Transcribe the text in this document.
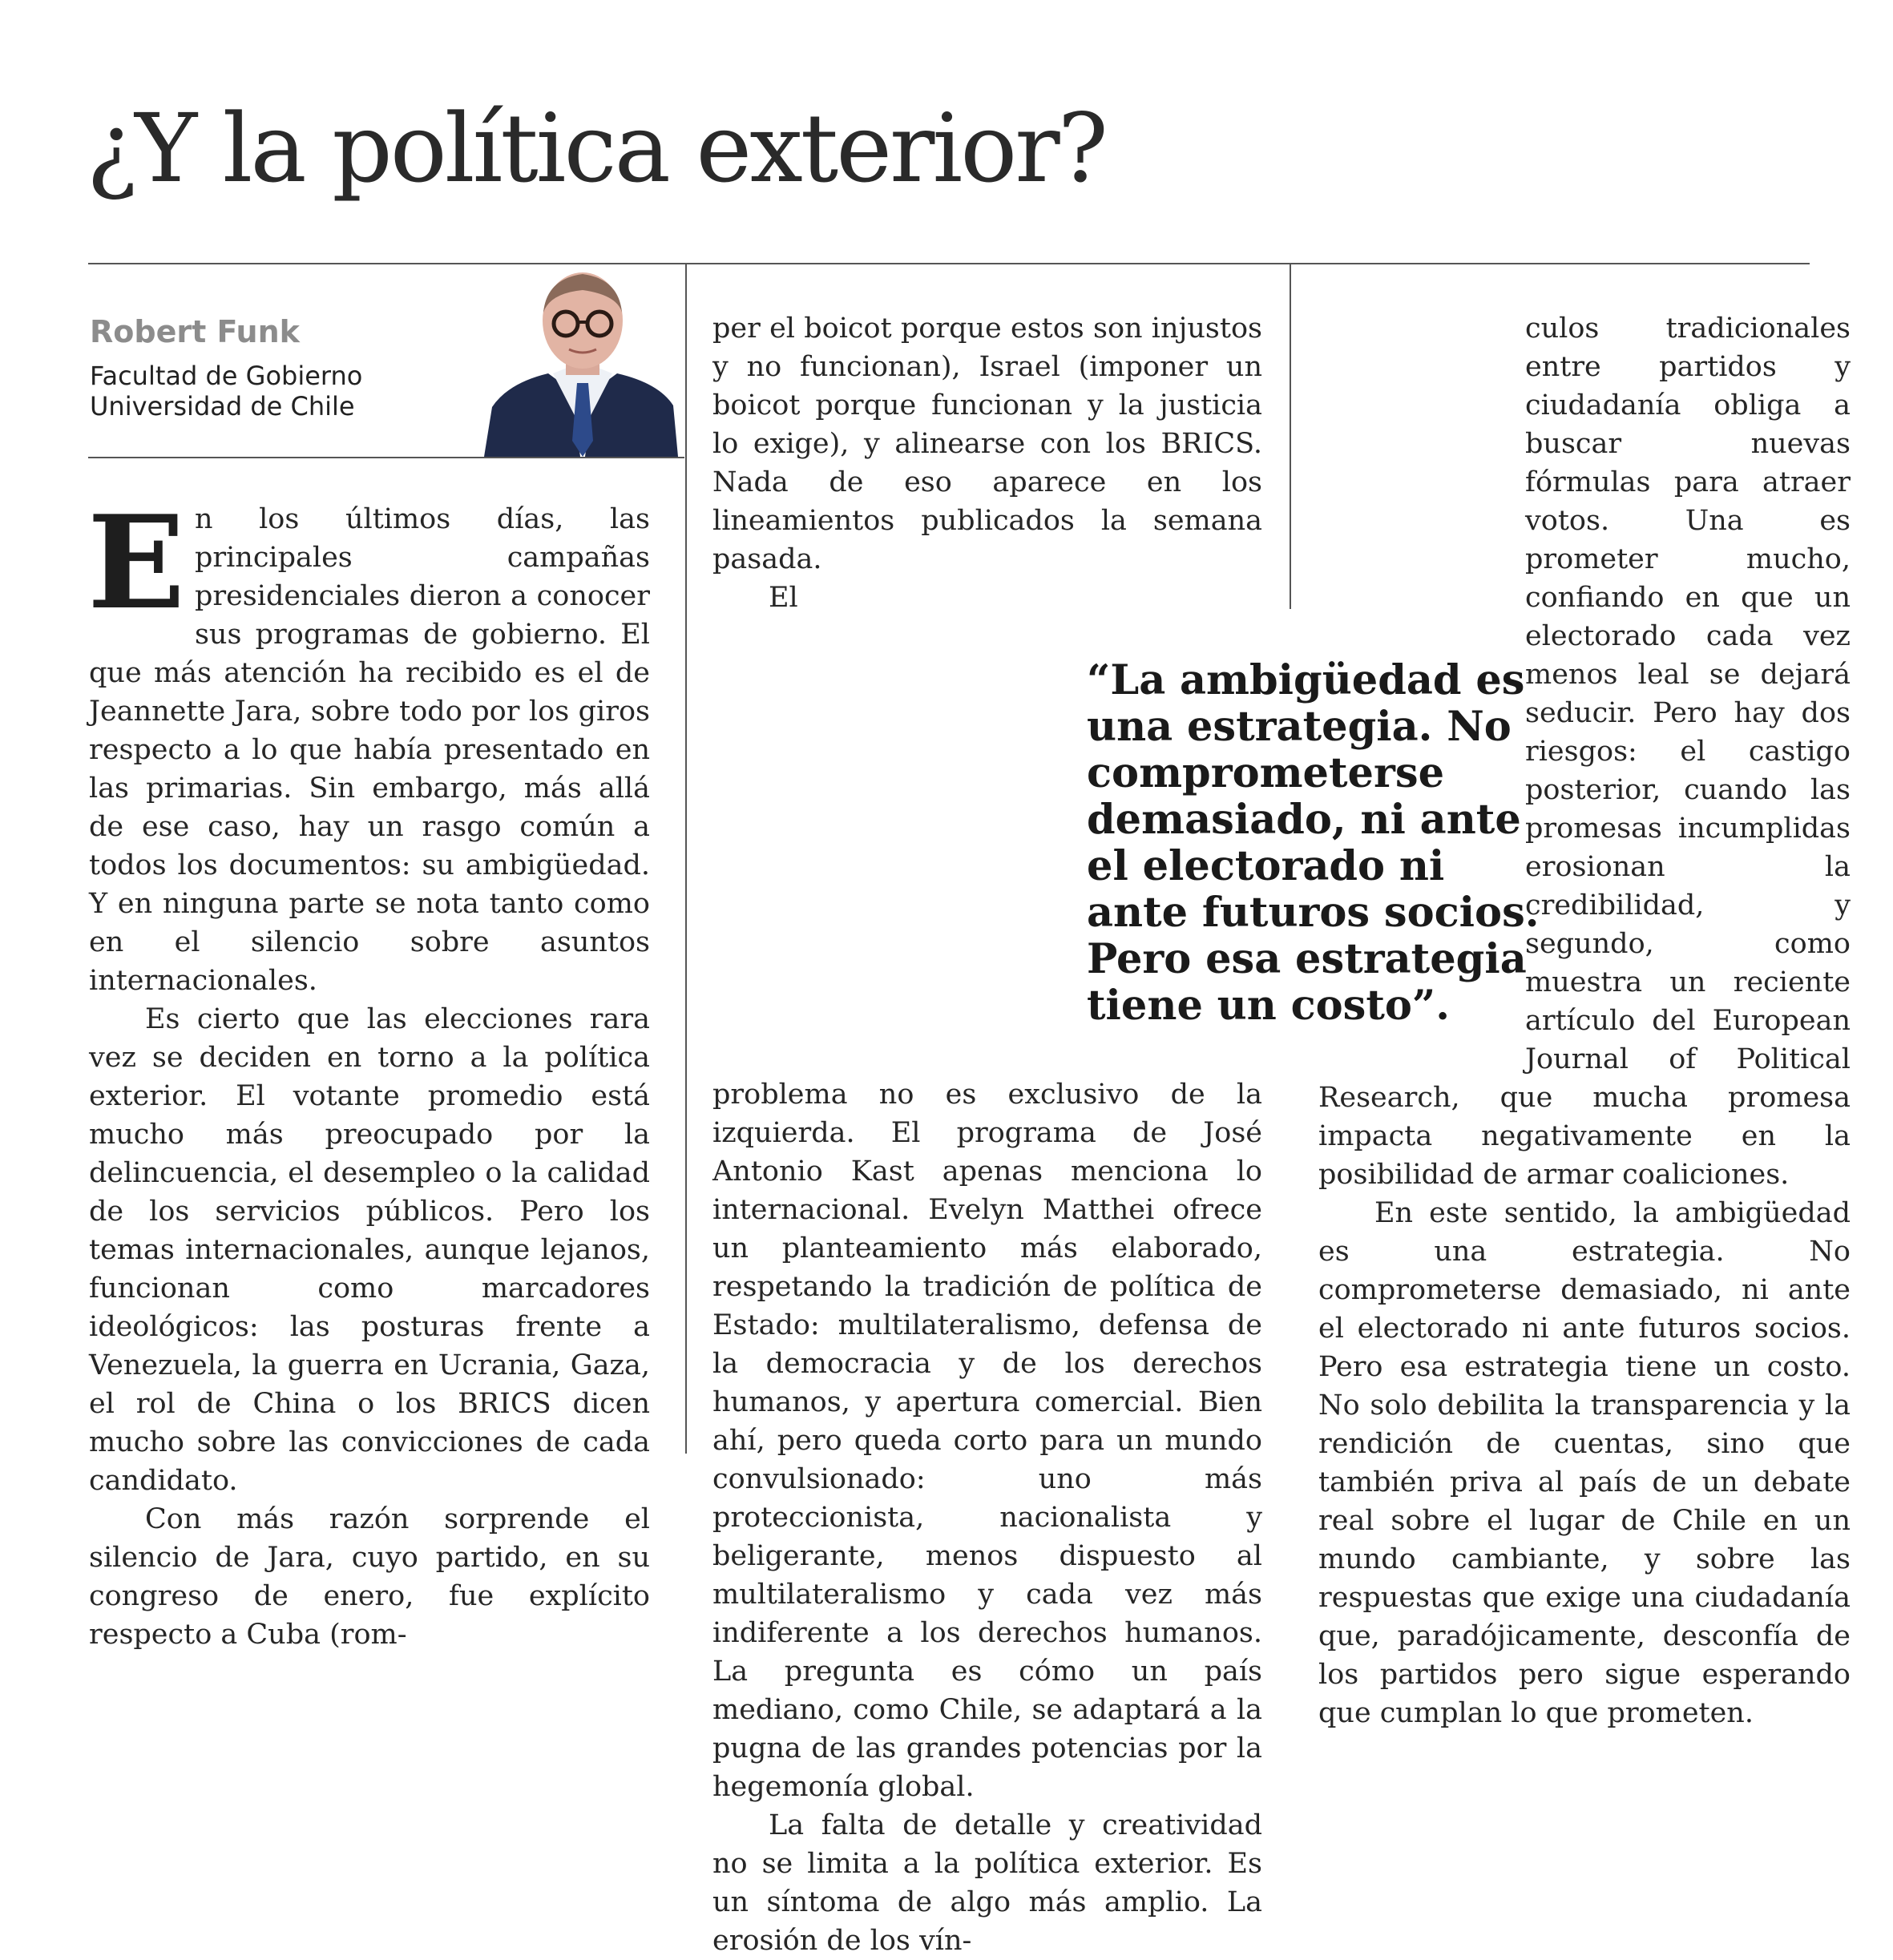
¿Y la política exterior?
Robert Funk
Facultad de Gobierno
Universidad de Chile

En los últimos días, las principales campañas presidenciales dieron a conocer sus programas de gobierno. El que más atención ha recibido es el de Jeannette Jara, sobre todo por los giros respecto a lo que había presentado en las primarias. Sin embargo, más allá de ese caso, hay un rasgo común a todos los documentos: su ambigüedad. Y en ninguna parte se nota tanto como en el silencio sobre asuntos internacionales.

Es cierto que las elecciones rara vez se deciden en torno a la política exterior. El votante promedio está mucho más preocupado por la delincuencia, el desempleo o la calidad de los servicios públicos. Pero los temas internacionales, aunque lejanos, funcionan como marcadores ideológicos: las posturas frente a Venezuela, la guerra en Ucrania, Gaza, el rol de China o los BRICS dicen mucho sobre las convicciones de cada candidato.

Con más razón sorprende el silencio de Jara, cuyo partido, en su congreso de enero, fue explícito respecto a Cuba (rom-

per el boicot porque estos son injustos y no funcionan), Israel (imponer un boicot porque funcionan y la justicia lo exige), y alinearse con los BRICS. Nada de eso aparece en los lineamientos publicados la semana pasada.

El problema no es exclusivo de la izquierda. El programa de José Antonio Kast apenas menciona lo internacional. Evelyn Matthei ofrece un planteamiento más elaborado, respetando la tradición de política de Estado: multilateralismo, defensa de la democracia y de los derechos humanos, y apertura comercial. Bien ahí, pero queda corto para un mundo convulsionado: uno más proteccionista, nacionalista y beligerante, menos dispuesto al multilateralismo y cada vez más indiferente a los derechos humanos. La pregunta es cómo un país mediano, como Chile, se adaptará a la pugna de las grandes potencias por la hegemonía global.

La falta de detalle y creatividad no se limita a la política exterior. Es un síntoma de algo más amplio. La erosión de los vín-

culos tradicionales entre partidos y ciudadanía obliga a buscar nuevas fórmulas para atraer votos. Una es prometer mucho, confiando en que un electorado cada vez menos leal se dejará seducir. Pero hay dos riesgos: el castigo posterior, cuando las promesas incumplidas erosionan la credibilidad, y segundo, como muestra un reciente artículo del European Journal of Political Research, que mucha promesa impacta negativamente en la posibilidad de armar coaliciones.

En este sentido, la ambigüedad es una estrategia. No comprometerse demasiado, ni ante el electorado ni ante futuros socios. Pero esa estrategia tiene un costo. No solo debilita la transparencia y la rendición de cuentas, sino que también priva al país de un debate real sobre el lugar de Chile en un mundo cambiante, y sobre las respuestas que exige una ciudadanía que, paradójicamente, desconfía de los partidos pero sigue esperando que cumplan lo que prometen.

“La ambigüedad es
una estrategia. No
comprometerse
demasiado, ni ante
el electorado ni
ante futuros socios.
Pero esa estrategia
tiene un costo”.
